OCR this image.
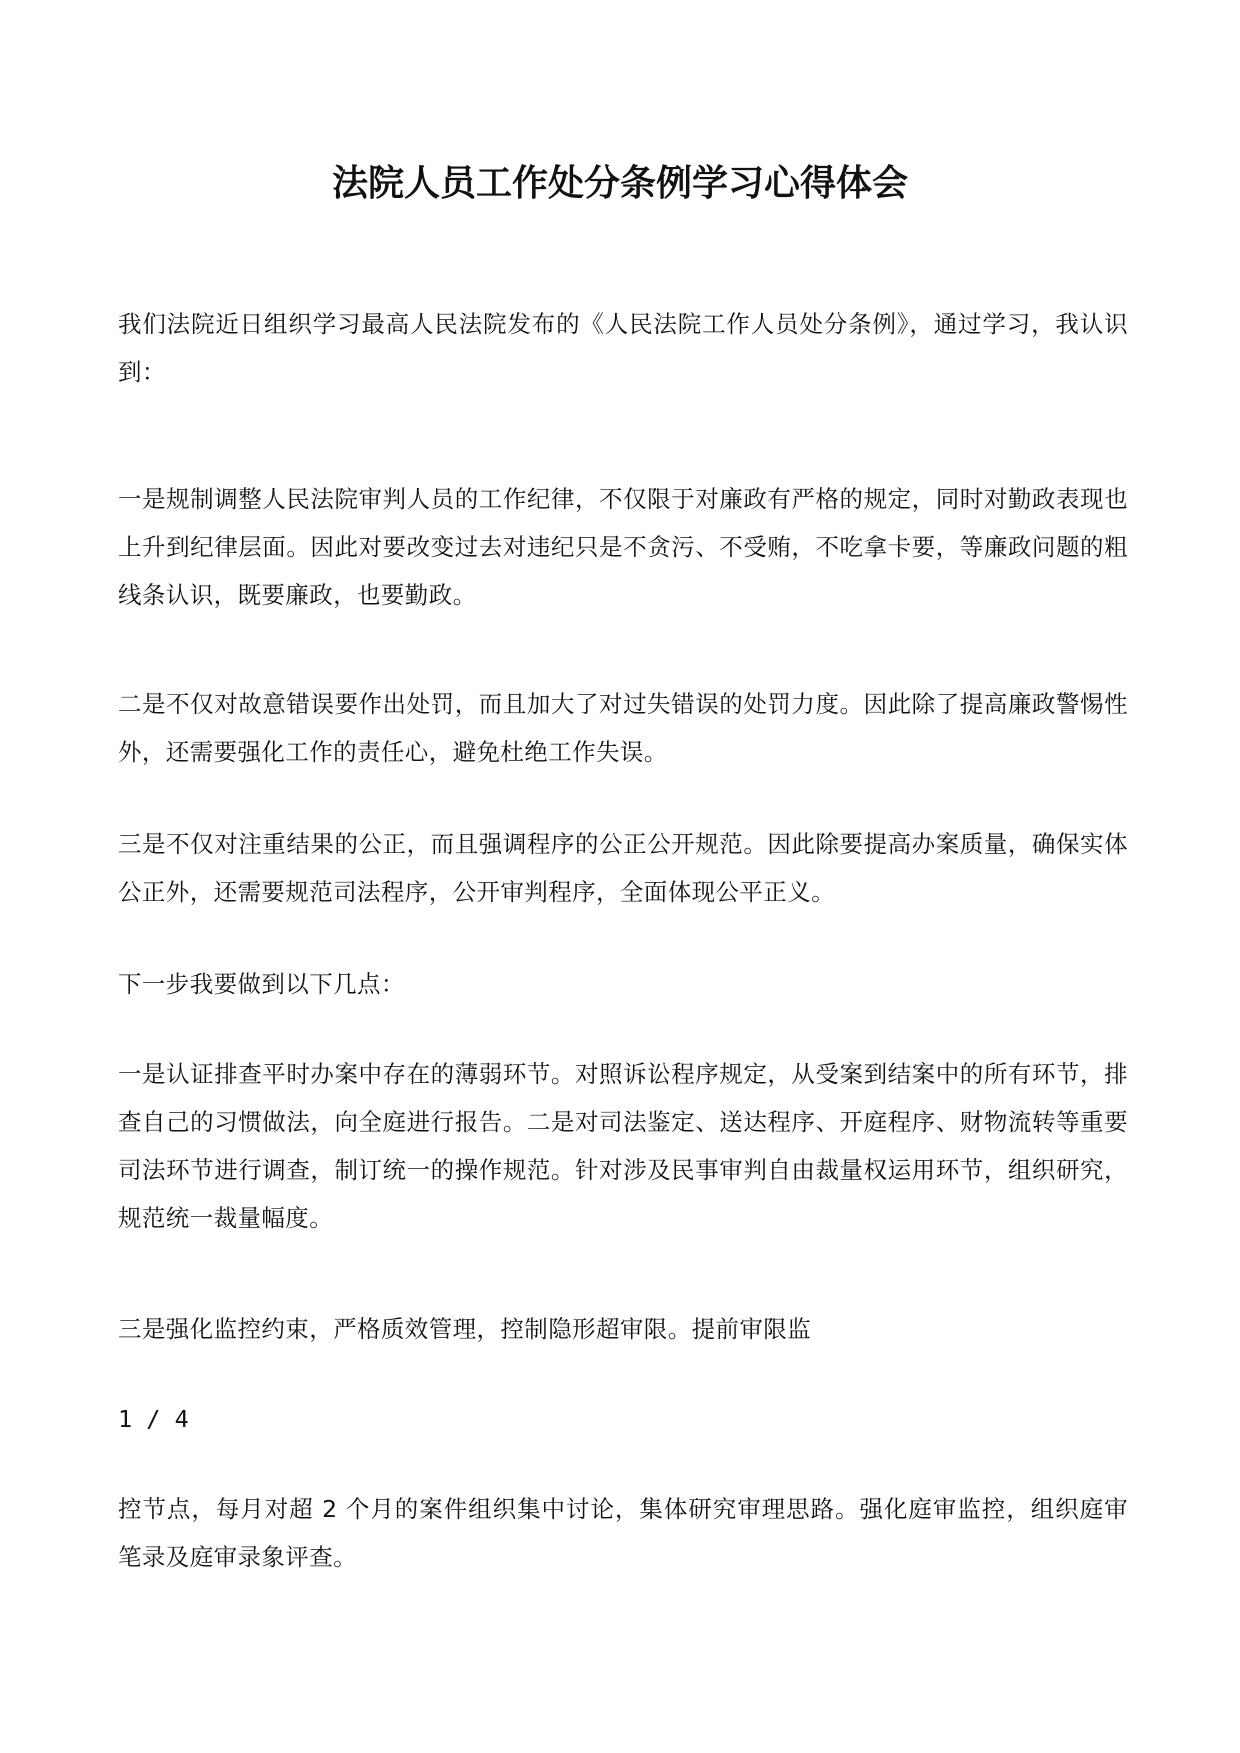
法院人员工作处分条例学习心得体会

我们法院近日组织学习最高人民法院发布的《人民法院工作人员处分条例》，通过学习，我认识到：

一是规制调整人民法院审判人员的工作纪律，不仅限于对廉政有严格的规定，同时对勤政表现也上升到纪律层面。因此对要改变过去对违纪只是不贪污、不受贿，不吃拿卡要，等廉政问题的粗线条认识，既要廉政，也要勤政。

二是不仅对故意错误要作出处罚，而且加大了对过失错误的处罚力度。因此除了提高廉政警惕性外，还需要强化工作的责任心，避免杜绝工作失误。

三是不仅对注重结果的公正，而且强调程序的公正公开规范。因此除要提高办案质量，确保实体公正外，还需要规范司法程序，公开审判程序，全面体现公平正义。

下一步我要做到以下几点：

一是认证排查平时办案中存在的薄弱环节。对照诉讼程序规定，从受案到结案中的所有环节，排查自己的习惯做法，向全庭进行报告。二是对司法鉴定、送达程序、开庭程序、财物流转等重要司法环节进行调查，制订统一的操作规范。针对涉及民事审判自由裁量权运用环节，组织研究，规范统一裁量幅度。

三是强化监控约束，严格质效管理，控制隐形超审限。提前审限监

1 / 4

控节点，每月对超 2 个月的案件组织集中讨论，集体研究审理思路。强化庭审监控，组织庭审笔录及庭审录象评查。
